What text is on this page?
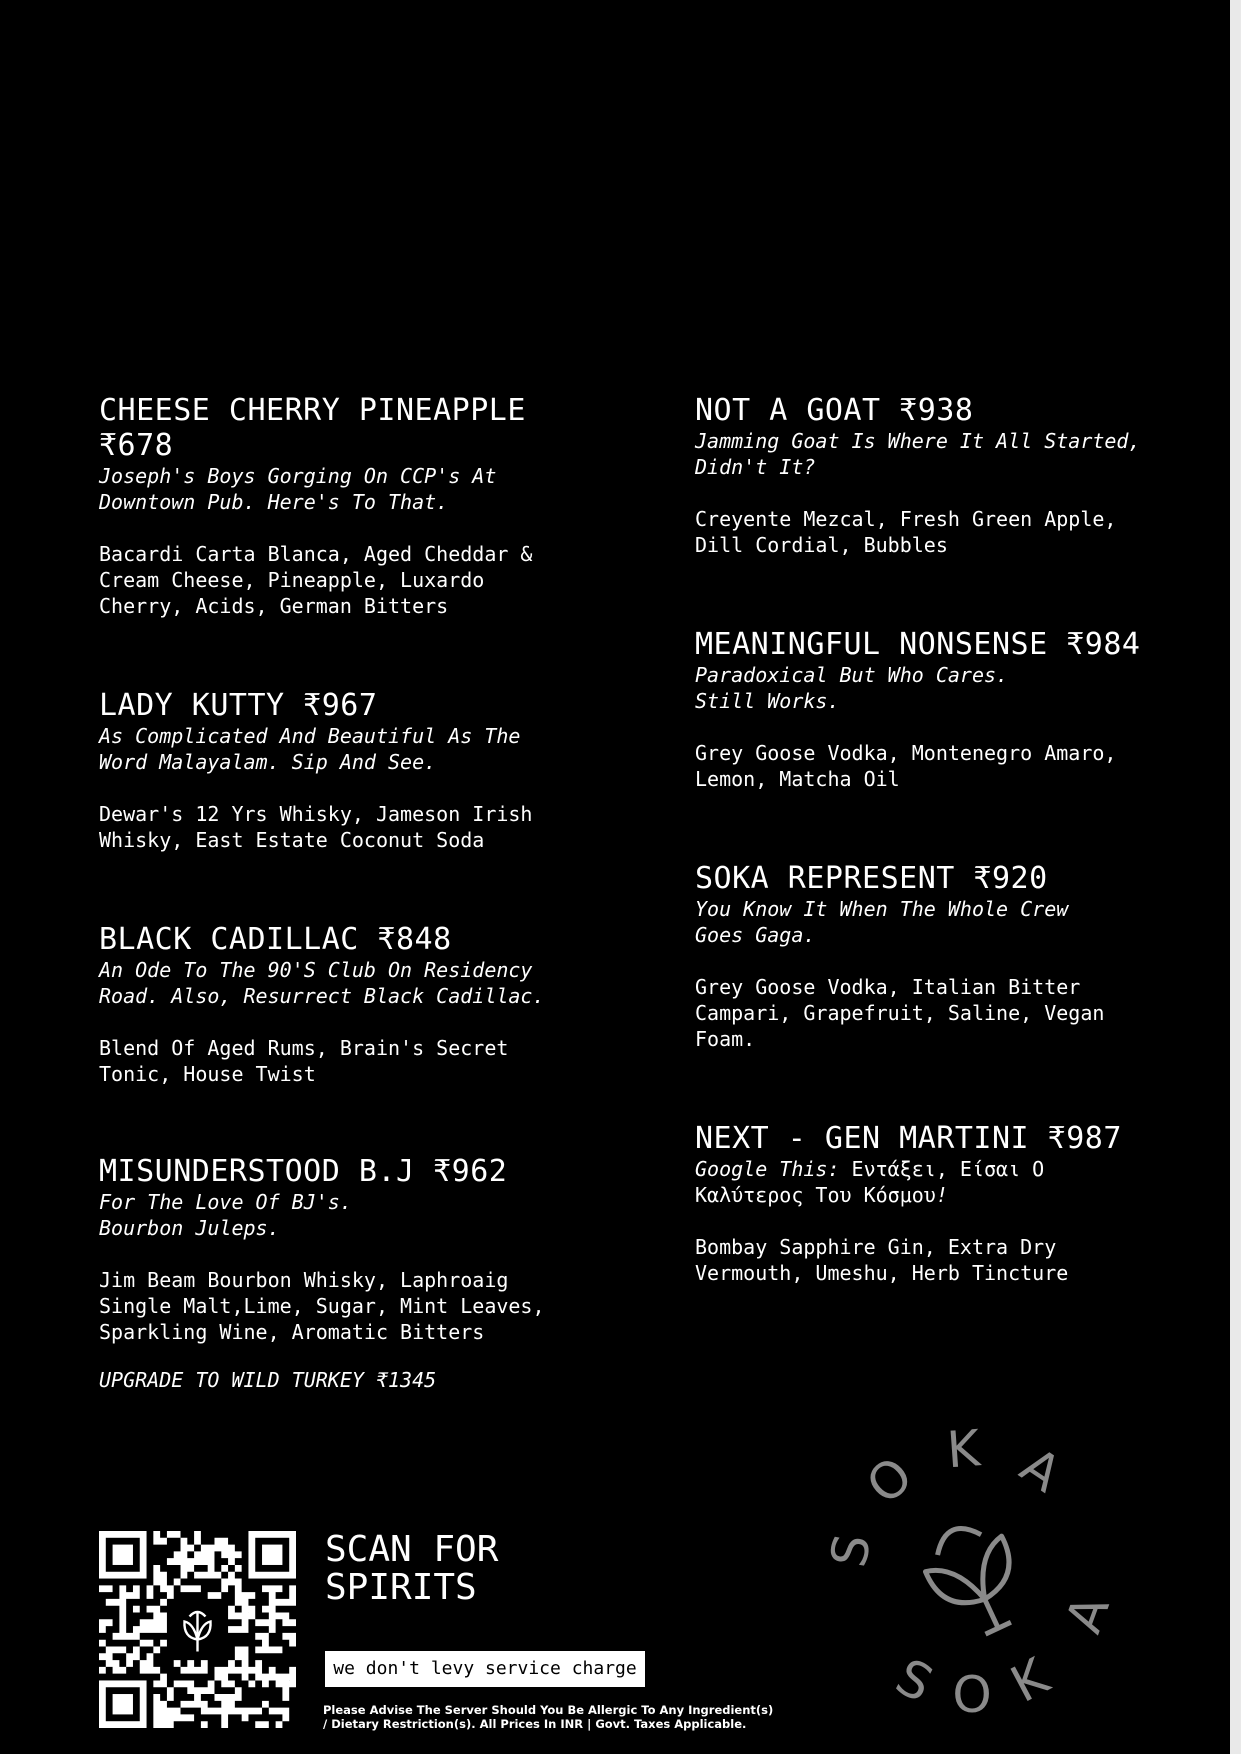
CHEESE CHERRY PINEAPPLE ₹678

Joseph's Boys Gorging On CCP's At Downtown Pub. Here's To That.

Bacardi Carta Blanca, Aged Cheddar & Cream Cheese, Pineapple, Luxardo Cherry, Acids, German Bitters

LADY KUTTY ₹967

As Complicated And Beautiful As The Word Malayalam. Sip And See.

Dewar's 12 Yrs Whisky, Jameson Irish Whisky, East Estate Coconut Soda

BLACK CADILLAC ₹848

An Ode To The 90'S Club On Residency Road. Also, Resurrect Black Cadillac.

Blend Of Aged Rums, Brain's Secret Tonic, House Twist

MISUNDERSTOOD B.J ₹962

For The Love Of BJ's.
Bourbon Juleps.

Jim Beam Bourbon Whisky, Laphroaig Single Malt,Lime, Sugar, Mint Leaves, Sparkling Wine, Aromatic Bitters

UPGRADE TO WILD TURKEY ₹1345

NOT A GOAT ₹938

Jamming Goat Is Where It All Started, Didn't It?

Creyente Mezcal, Fresh Green Apple, Dill Cordial, Bubbles

MEANINGFUL NONSENSE ₹984

Paradoxical But Who Cares.
Still Works.

Grey Goose Vodka, Montenegro Amaro, Lemon, Matcha Oil

SOKA REPRESENT ₹920

You Know It When The Whole Crew Goes Gaga.

Grey Goose Vodka, Italian Bitter Campari, Grapefruit, Saline, Vegan Foam.

NEXT - GEN MARTINI ₹987

Google This: Εντάξει, Είσαι Ο Καλύτερος Του Κόσμου!

Bombay Sapphire Gin, Extra Dry Vermouth, Umeshu, Herb Tincture

SCAN FOR
SPIRITS
we don't levy service charge
Please Advise The Server Should You Be Allergic To Any Ingredient(s)
/ Dietary Restriction(s). All Prices In INR | Govt. Taxes Applicable.
S
O K A
S O K
A
